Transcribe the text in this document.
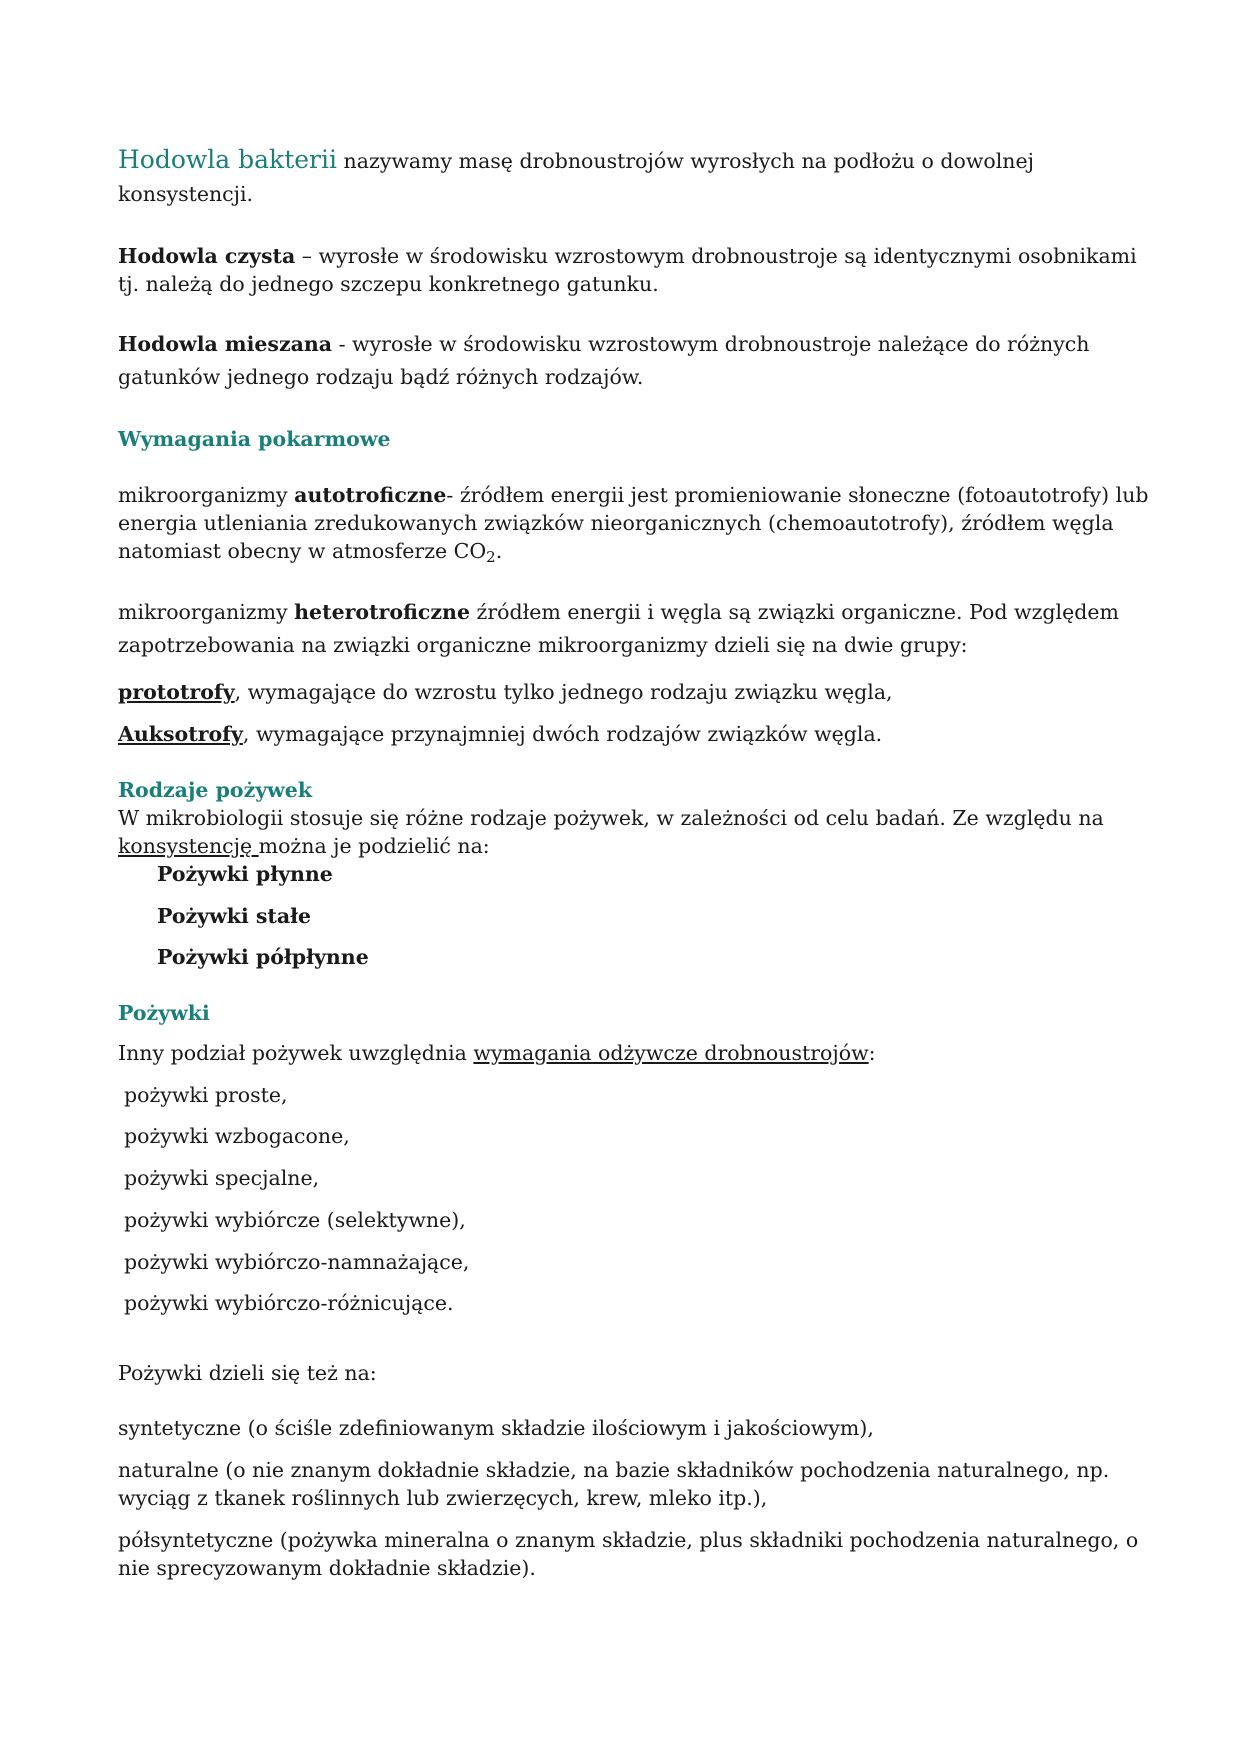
Hodowla bakterii nazywamy masę drobnoustrojów wyrosłych na podłożu o dowolnej

konsystencji.

Hodowla czysta – wyrosłe w środowisku wzrostowym drobnoustroje są identycznymi osobnikami

tj. należą do jednego szczepu konkretnego gatunku.

Hodowla mieszana - wyrosłe w środowisku wzrostowym drobnoustroje należące do różnych

gatunków jednego rodzaju bądź różnych rodzajów.

Wymagania pokarmowe

mikroorganizmy autotroficzne- źródłem energii jest promieniowanie słoneczne (fotoautotrofy) lub

energia utleniania zredukowanych związków nieorganicznych (chemoautotrofy), źródłem węgla

natomiast obecny w atmosferze $CO_2$.

mikroorganizmy heterotroficzne źródłem energii i węgla są związki organiczne. Pod względem

zapotrzebowania na związki organiczne mikroorganizmy dzieli się na dwie grupy:

prototrofy, wymagające do wzrostu tylko jednego rodzaju związku węgla,

Auksotrofy, wymagające przynajmniej dwóch rodzajów związków węgla.

Rodzaje pożywek

W mikrobiologii stosuje się różne rodzaje pożywek, w zależności od celu badań. Ze względu na

konsystencję można je podzielić na:

Pożywki płynne

Pożywki stałe

Pożywki półpłynne

Pożywki

Inny podział pożywek uwzględnia wymagania odżywcze drobnoustrojów:

pożywki proste,

pożywki wzbogacone,

pożywki specjalne,

pożywki wybiórcze (selektywne),

pożywki wybiórczo-namnażające,

pożywki wybiórczo-różnicujące.

Pożywki dzieli się też na:

syntetyczne (o ściśle zdefiniowanym składzie ilościowym i jakościowym),

naturalne (o nie znanym dokładnie składzie, na bazie składników pochodzenia naturalnego, np.

wyciąg z tkanek roślinnych lub zwierzęcych, krew, mleko itp.),

półsyntetyczne (pożywka mineralna o znanym składzie, plus składniki pochodzenia naturalnego, o

nie sprecyzowanym dokładnie składzie).
